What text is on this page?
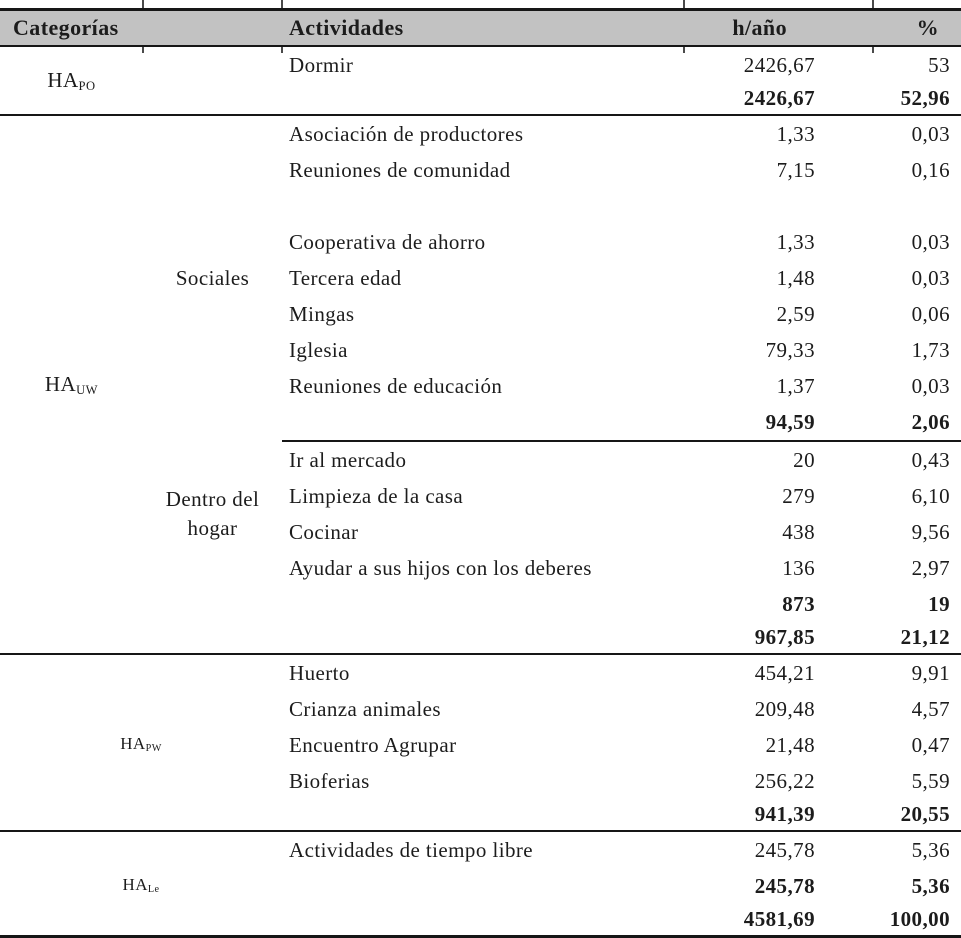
Categorías		Actividades	h/año	%
$HA_{PO}$		Dormir	2426,67	53
			2426,67	52,96
$HA_{UW}$	Sociales	Asociación de productores	1,33	0,03
		Reuniones de comunidad	7,15	0,16

		Cooperativa de ahorro	1,33	0,03
		Tercera edad	1,48	0,03
		Mingas	2,59	0,06
		Iglesia	79,33	1,73
		Reuniones de educación	1,37	0,03
			94,59	2,06
	Dentro del hogar	Ir al mercado	20	0,43
		Limpieza de la casa	279	6,10
		Cocinar	438	9,56
		Ayudar a sus hijos con los deberes	136	2,97
			873	19
			967,85	21,12
$HA_{PW}$		Huerto	454,21	9,91
		Crianza animales	209,48	4,57
		Encuentro Agrupar	21,48	0,47
		Bioferias	256,22	5,59
			941,39	20,55
$HA_{Le}$		Actividades de tiempo libre	245,78	5,36
			245,78	5,36
			4581,69	100,00
